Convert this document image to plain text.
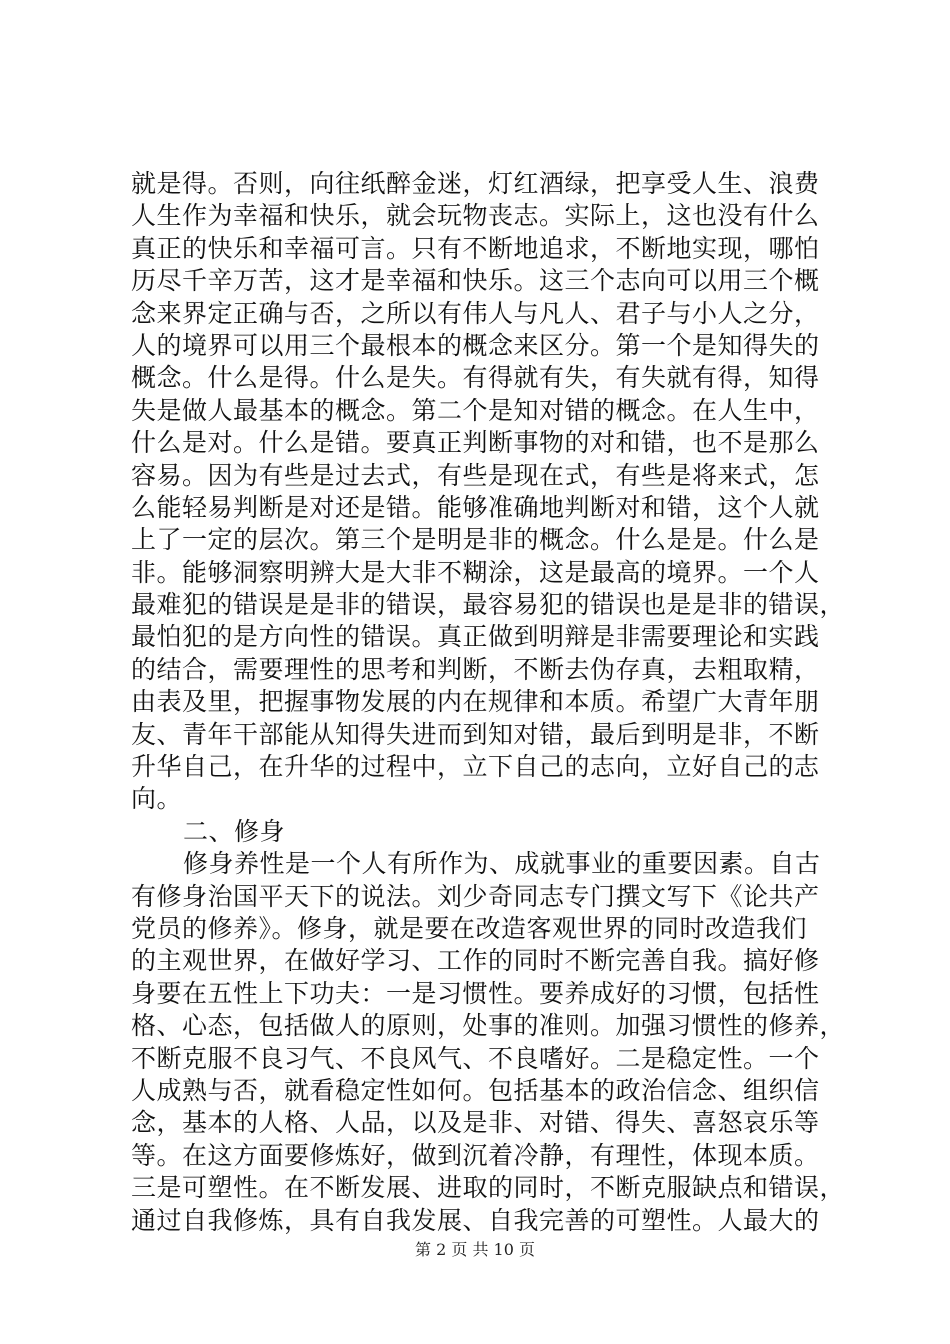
就是得。否则，向往纸醉金迷，灯红酒绿，把享受人生、浪费
人生作为幸福和快乐，就会玩物丧志。实际上，这也没有什么
真正的快乐和幸福可言。只有不断地追求，不断地实现，哪怕
历尽千辛万苦，这才是幸福和快乐。这三个志向可以用三个概
念来界定正确与否，之所以有伟人与凡人、君子与小人之分，
人的境界可以用三个最根本的概念来区分。第一个是知得失的
概念。什么是得。什么是失。有得就有失，有失就有得，知得
失是做人最基本的概念。第二个是知对错的概念。在人生中，
什么是对。什么是错。要真正判断事物的对和错，也不是那么
容易。因为有些是过去式，有些是现在式，有些是将来式，怎
么能轻易判断是对还是错。能够准确地判断对和错，这个人就
上了一定的层次。第三个是明是非的概念。什么是是。什么是
非。能够洞察明辨大是大非不糊涂，这是最高的境界。一个人
最难犯的错误是是非的错误，最容易犯的错误也是是非的错误，
最怕犯的是方向性的错误。真正做到明辩是非需要理论和实践
的结合，需要理性的思考和判断，不断去伪存真，去粗取精，
由表及里，把握事物发展的内在规律和本质。希望广大青年朋
友、青年干部能从知得失进而到知对错，最后到明是非，不断
升华自己，在升华的过程中，立下自己的志向，立好自己的志
向。
二、修身
修身养性是一个人有所作为、成就事业的重要因素。自古
有修身治国平天下的说法。刘少奇同志专门撰文写下《论共产
党员的修养》。修身，就是要在改造客观世界的同时改造我们
的主观世界，在做好学习、工作的同时不断完善自我。搞好修
身要在五性上下功夫：一是习惯性。要养成好的习惯，包括性
格、心态，包括做人的原则，处事的准则。加强习惯性的修养，
不断克服不良习气、不良风气、不良嗜好。二是稳定性。一个
人成熟与否，就看稳定性如何。包括基本的政治信念、组织信
念，基本的人格、人品，以及是非、对错、得失、喜怒哀乐等
等。在这方面要修炼好，做到沉着冷静，有理性，体现本质。
三是可塑性。在不断发展、进取的同时，不断克服缺点和错误，
通过自我修炼，具有自我发展、自我完善的可塑性。人最大的
第 2 页 共 10 页
